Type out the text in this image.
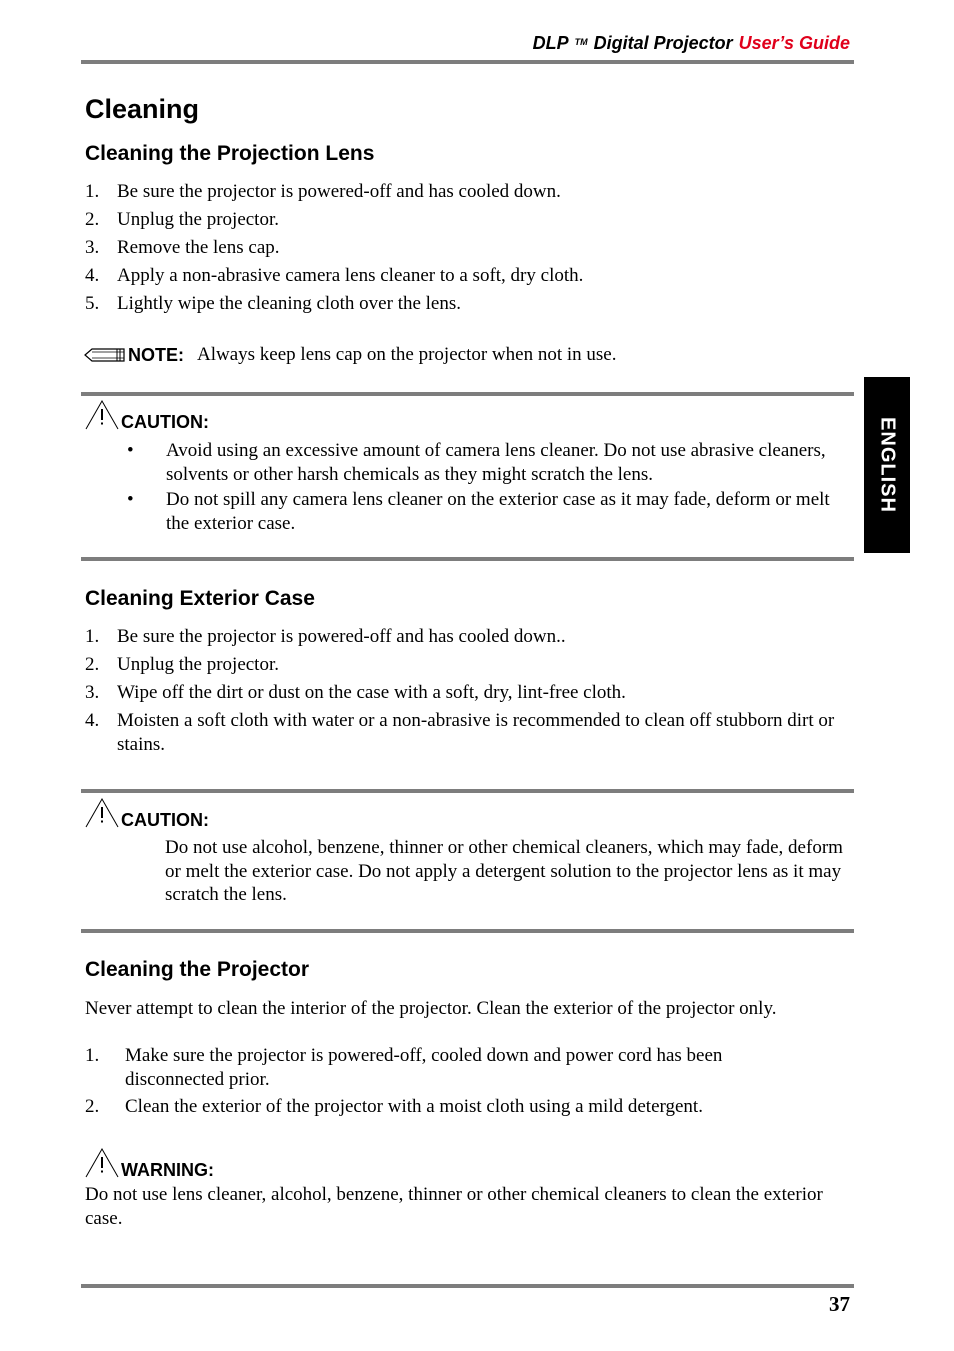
DLP ™ Digital Projector User’s Guide
ENGLISH
Cleaning
Cleaning the Projection Lens
1. Be sure the projector is powered-off and has cooled down.
2. Unplug the projector.
3. Remove the lens cap.
4. Apply a non-abrasive camera lens cleaner to a soft, dry cloth.
5. Lightly wipe the cleaning cloth over the lens.
NOTE: Always keep lens cap on the projector when not in use.
CAUTION:
• Avoid using an excessive amount of camera lens cleaner. Do not use abrasive cleaners, solvents or other harsh chemicals as they might scratch the lens.
• Do not spill any camera lens cleaner on the exterior case as it may fade, deform or melt the exterior case.
Cleaning Exterior Case
1. Be sure the projector is powered-off and has cooled down..
2. Unplug the projector.
3. Wipe off the dirt or dust on the case with a soft, dry, lint-free cloth.
4. Moisten a soft cloth with water or a non-abrasive is recommended to clean off stubborn dirt or stains.
CAUTION:
Do not use alcohol, benzene, thinner or other chemical cleaners, which may fade, deform or melt the exterior case. Do not apply a detergent solution to the projector lens as it may scratch the lens.
Cleaning the Projector
Never attempt to clean the interior of the projector. Clean the exterior of the projector only.
1. Make sure the projector is powered-off, cooled down and power cord has been disconnected prior.
2. Clean the exterior of the projector with a moist cloth using a mild detergent.
WARNING:
Do not use lens cleaner, alcohol, benzene, thinner or other chemical cleaners to clean the exterior case.
37
